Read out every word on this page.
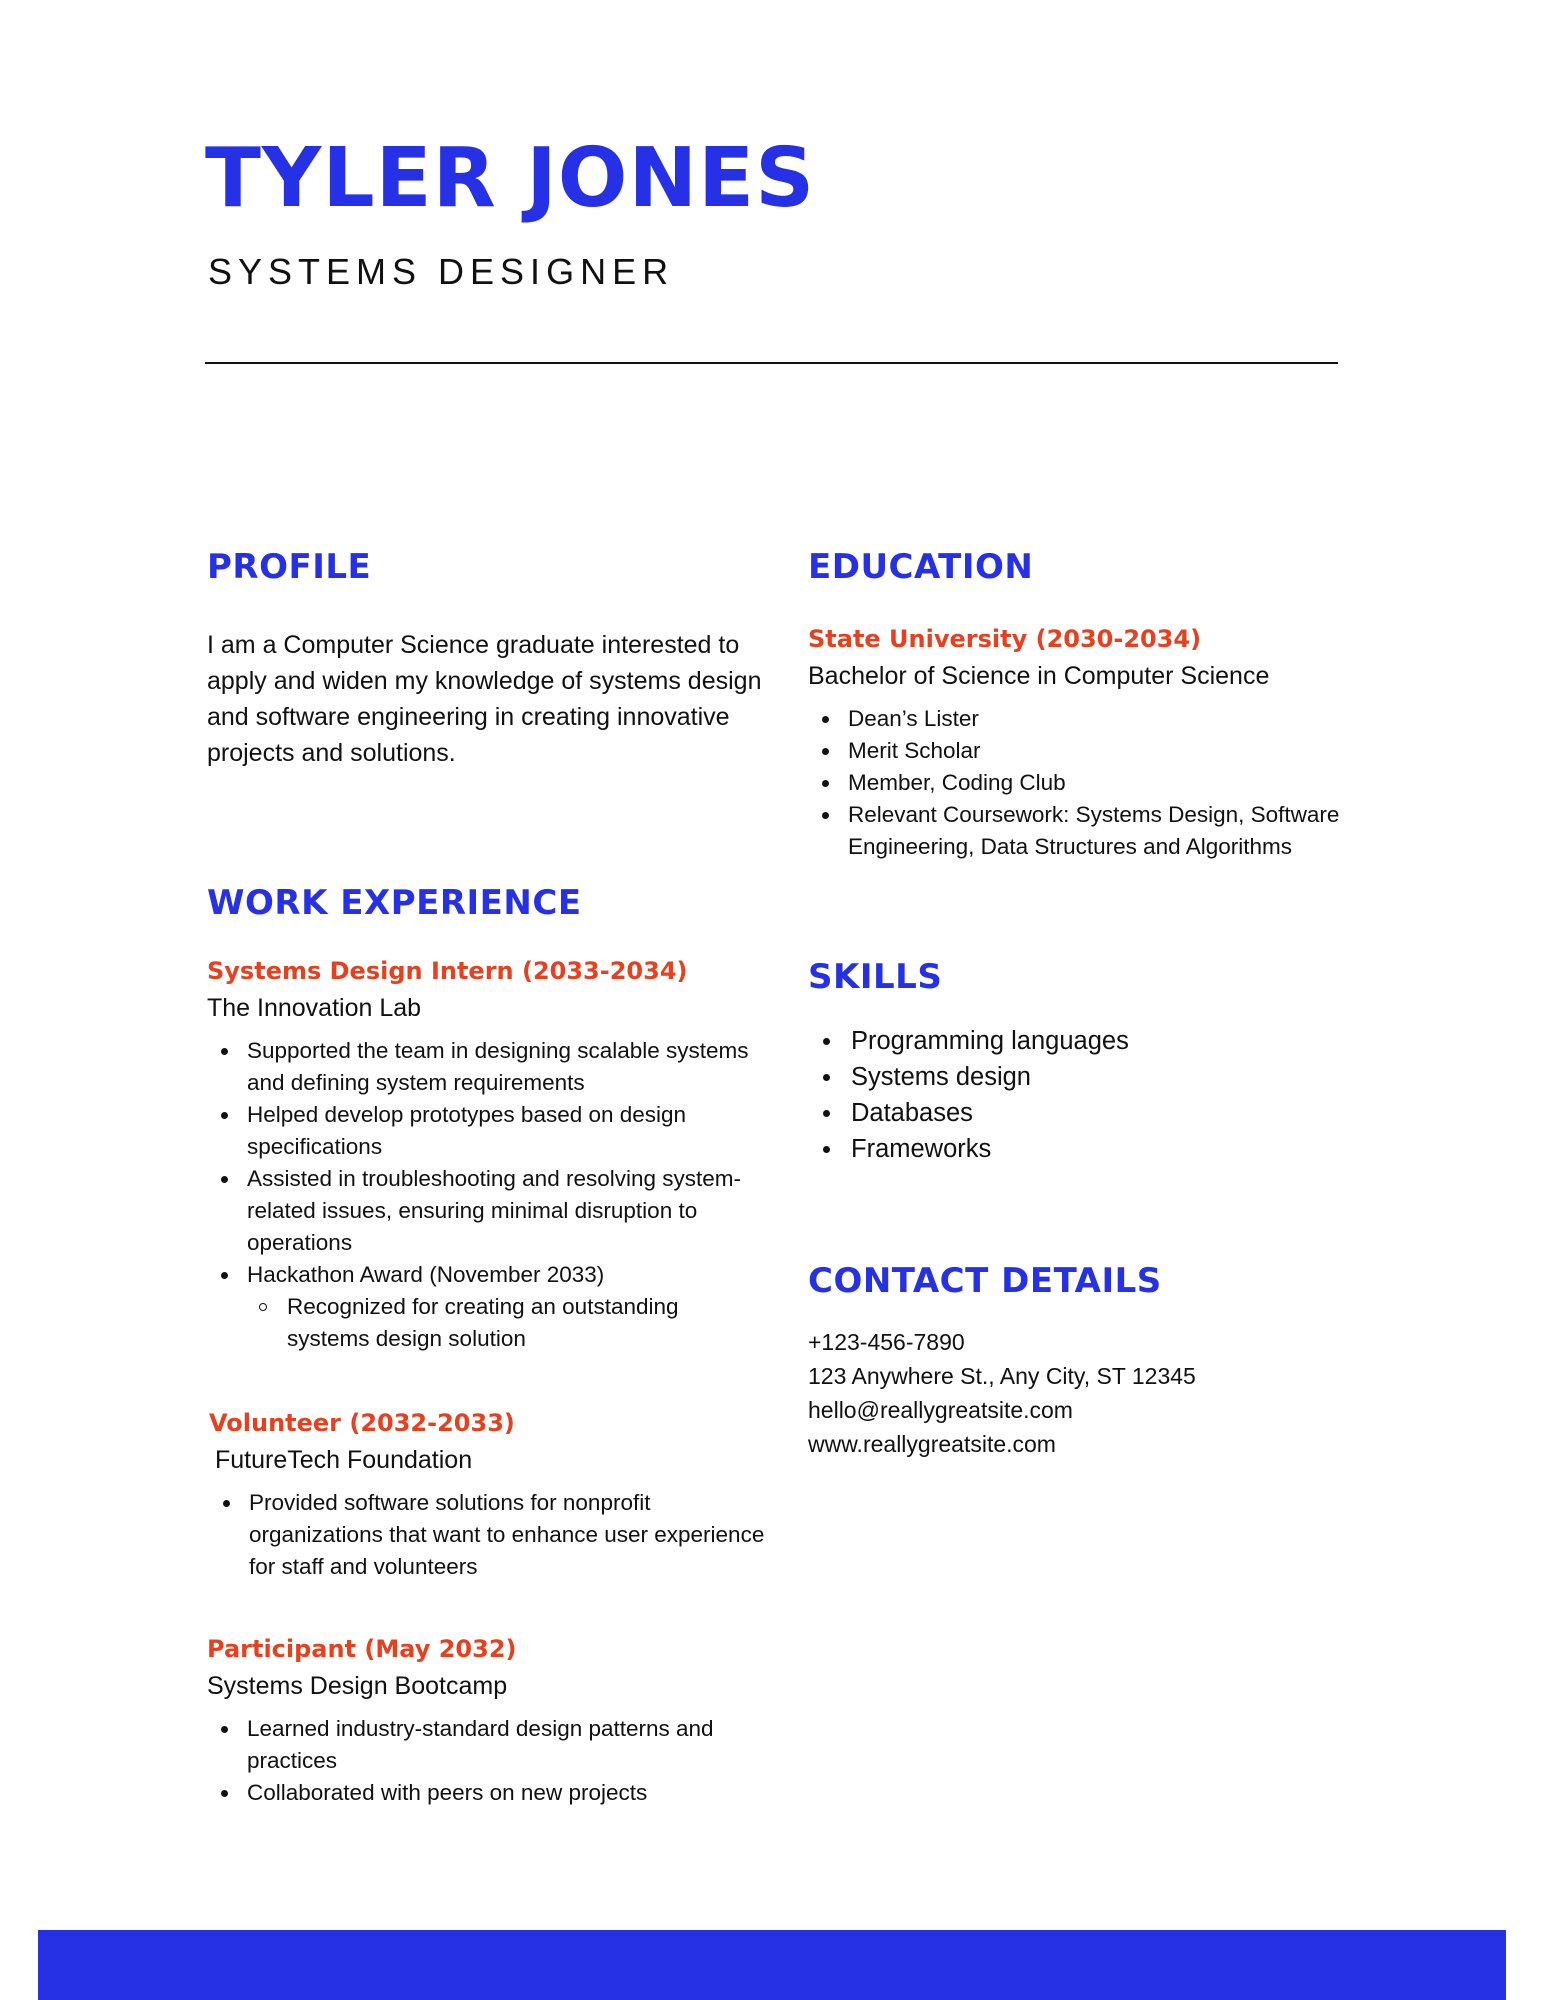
TYLER JONES
SYSTEMS DESIGNER
PROFILE

I am a Computer Science graduate interested to apply and widen my knowledge of systems design and software engineering in creating innovative projects and solutions.

WORK EXPERIENCE

Systems Design Intern (2033-2034)

The Innovation Lab

Supported the team in designing scalable systems and defining system requirements
Helped develop prototypes based on design specifications
Assisted in troubleshooting and resolving system-related issues, ensuring minimal disruption to operations
Hackathon Award (November 2033)
Recognized for creating an outstanding systems design solution

Volunteer (2032-2033)

FutureTech Foundation

Provided software solutions for nonprofit organizations that want to enhance user experience for staff and volunteers

Participant (May 2032)

Systems Design Bootcamp

Learned industry-standard design patterns and practices
Collaborated with peers on new projects
EDUCATION

State University (2030-2034)

Bachelor of Science in Computer Science

Dean’s Lister
Merit Scholar
Member, Coding Club
Relevant Coursework: Systems Design, Software Engineering, Data Structures and Algorithms
SKILLS
Programming languages
Systems design
Databases
Frameworks
CONTACT DETAILS

+123-456-7890

123 Anywhere St., Any City, ST 12345

hello@reallygreatsite.com

www.reallygreatsite.com
